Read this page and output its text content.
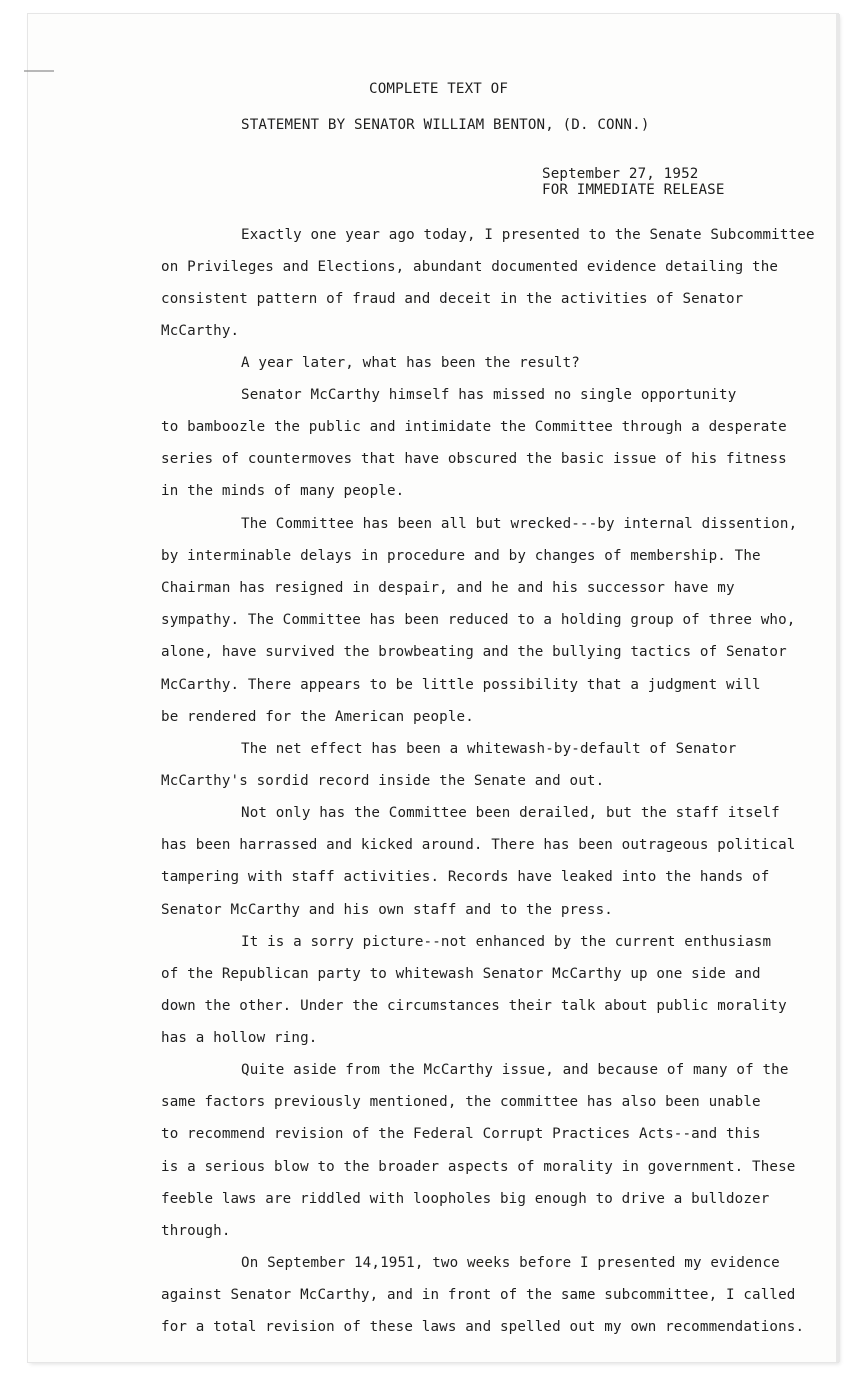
COMPLETE TEXT OF
STATEMENT BY SENATOR WILLIAM BENTON, (D. CONN.)
September 27, 1952
FOR IMMEDIATE RELEASE
Exactly one year ago today, I presented to the Senate Subcommittee
on Privileges and Elections, abundant documented evidence detailing the
consistent pattern of fraud and deceit in the activities of Senator
McCarthy.
A year later, what has been the result?
Senator McCarthy himself has missed no single opportunity
to bamboozle the public and intimidate the Committee through a desperate
series of countermoves that have obscured the basic issue of his fitness
in the minds of many people.
The Committee has been all but wrecked---by internal dissention,
by interminable delays in procedure and by changes of membership. The
Chairman has resigned in despair, and he and his successor have my
sympathy. The Committee has been reduced to a holding group of three who,
alone, have survived the browbeating and the bullying tactics of Senator
McCarthy. There appears to be little possibility that a judgment will
be rendered for the American people.
The net effect has been a whitewash-by-default of Senator
McCarthy's sordid record inside the Senate and out.
Not only has the Committee been derailed, but the staff itself
has been harrassed and kicked around. There has been outrageous political
tampering with staff activities. Records have leaked into the hands of
Senator McCarthy and his own staff and to the press.
It is a sorry picture--not enhanced by the current enthusiasm
of the Republican party to whitewash Senator McCarthy up one side and
down the other. Under the circumstances their talk about public morality
has a hollow ring.
Quite aside from the McCarthy issue, and because of many of the
same factors previously mentioned, the committee has also been unable
to recommend revision of the Federal Corrupt Practices Acts--and this
is a serious blow to the broader aspects of morality in government. These
feeble laws are riddled with loopholes big enough to drive a bulldozer
through.
On September 14,1951, two weeks before I presented my evidence
against Senator McCarthy, and in front of the same subcommittee, I called
for a total revision of these laws and spelled out my own recommendations.
